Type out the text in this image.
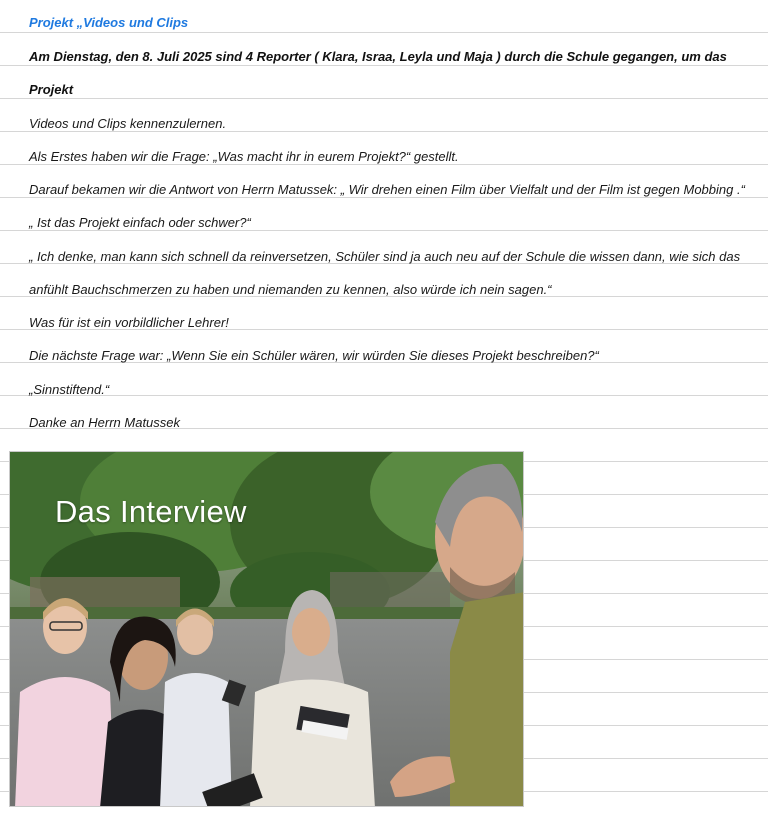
Projekt „Videos und Clips
Am Dienstag, den 8. Juli 2025 sind 4 Reporter ( Klara, Israa, Leyla und Maja ) durch die Schule gegangen, um das
Projekt
Videos und Clips kennenzulernen.
Als Erstes haben wir die Frage: „Was macht ihr in eurem Projekt?“ gestellt.
Darauf bekamen wir die Antwort von Herrn Matussek: „ Wir drehen einen Film über Vielfalt und der Film ist gegen Mobbing .“
„ Ist das Projekt einfach oder schwer?“
„ Ich denke, man kann sich schnell da reinversetzen, Schüler sind ja auch neu auf der Schule die wissen dann, wie sich das
anfühlt Bauchschmerzen zu haben und niemanden zu kennen, also würde ich nein sagen.“
Was für ist ein vorbildlicher Lehrer!
Die nächste Frage war: „Wenn Sie ein Schüler wären, wir würden Sie dieses Projekt beschreiben?“
„Sinnstiftend.“
Danke an Herrn Matussek
Das Interview
